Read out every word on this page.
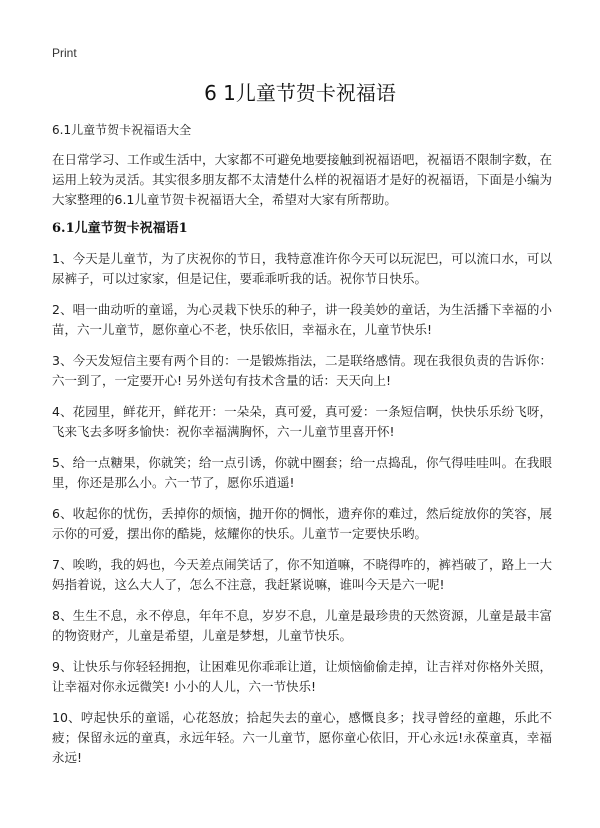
Print
6 1儿童节贺卡祝福语

6.1儿童节贺卡祝福语大全

在日常学习、工作或生活中，大家都不可避免地要接触到祝福语吧，祝福语不限制字数，在运用上较为灵活。其实很多朋友都不太清楚什么样的祝福语才是好的祝福语，下面是小编为大家整理的6.1儿童节贺卡祝福语大全，希望对大家有所帮助。

6.1儿童节贺卡祝福语1
1、今天是儿童节，为了庆祝你的节日，我特意准许你今天可以玩泥巴，可以流口水，可以尿裤子，可以过家家，但是记住，要乖乖听我的话。祝你节日快乐。
2、唱一曲动听的童谣，为心灵栽下快乐的种子，讲一段美妙的童话，为生活播下幸福的小苗，六一儿童节，愿你童心不老，快乐依旧，幸福永在，儿童节快乐!
3、今天发短信主要有两个目的：一是锻炼指法，二是联络感情。现在我很负责的告诉你：六一到了，一定要开心! 另外送句有技术含量的话：天天向上!
4、花园里，鲜花开，鲜花开：一朵朵，真可爱，真可爱：一条短信啊，快快乐乐纷飞呀，飞来飞去多呀多愉快：祝你幸福满胸怀，六一儿童节里喜开怀!
5、给一点糖果，你就笑；给一点引诱，你就中圈套；给一点捣乱，你气得哇哇叫。在我眼里，你还是那么小。六一节了，愿你乐逍遥!
6、收起你的忧伤，丢掉你的烦恼，抛开你的惆怅，遗弃你的难过，然后绽放你的笑容，展示你的可爱，摆出你的酷毙，炫耀你的快乐。儿童节一定要快乐哟。
7、唉哟，我的妈也，今天差点闹笑话了，你不知道嘛，不晓得咋的，裤裆破了，路上一大妈指着说，这么大人了，怎么不注意，我赶紧说嘛，谁叫今天是六一呢!
8、生生不息，永不停息，年年不息，岁岁不息，儿童是最珍贵的天然资源，儿童是最丰富的物资财产，儿童是希望，儿童是梦想，儿童节快乐。
9、让快乐与你轻轻拥抱，让困难见你乖乖让道，让烦恼偷偷走掉，让吉祥对你格外关照，让幸福对你永远微笑! 小小的人儿，六一节快乐!
10、哼起快乐的童谣，心花怒放；拾起失去的童心，感慨良多；找寻曾经的童趣，乐此不疲；保留永远的童真，永远年轻。六一儿童节，愿你童心依旧，开心永远!永葆童真，幸福永远!
